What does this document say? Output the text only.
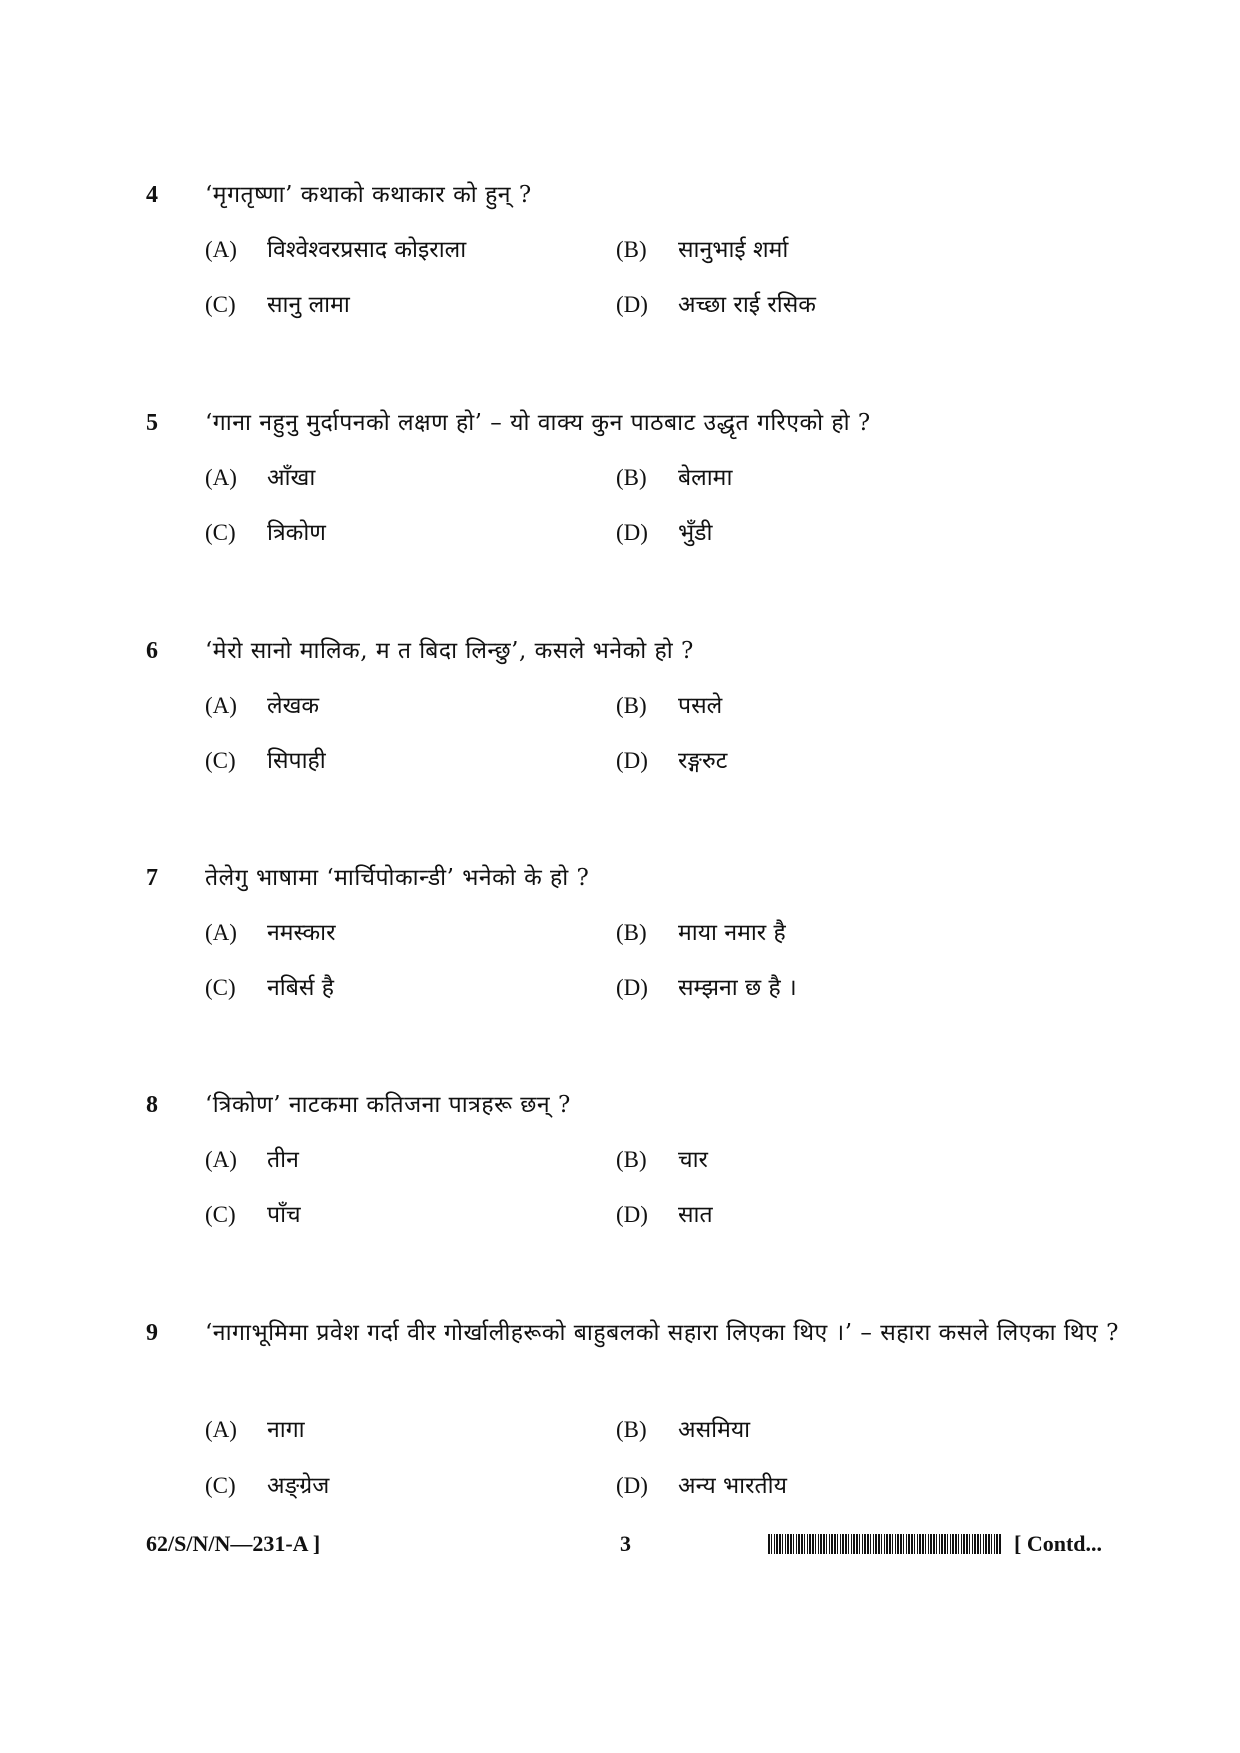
4 ‘मृगतृष्णा’ कथाको कथाकार को हुन् ?
(A) विश्वेश्वरप्रसाद कोइराला	(B) सानुभाई शर्मा
(C) सानु लामा	(D) अच्छा राई रसिक
5 ‘गाना नहुनु मुर्दापनको लक्षण हो’ – यो वाक्य कुन पाठबाट उद्धृत गरिएको हो ?
(A) आँखा	(B) बेलामा
(C) त्रिकोण	(D) भुँडी
6 ‘मेरो सानो मालिक, म त बिदा लिन्छु’, कसले भनेको हो ?
(A) लेखक	(B) पसले
(C) सिपाही	(D) रङ्गरुट
7 तेलेगु भाषामा ‘मार्चिपोकान्डी’ भनेको के हो ?
(A) नमस्कार	(B) माया नमार है
(C) नबिर्स है	(D) सम्झना छ है ।
8 ‘त्रिकोण’ नाटकमा कतिजना पात्रहरू छन् ?
(A) तीन	(B) चार
(C) पाँच	(D) सात
9 ‘नागाभूमिमा प्रवेश गर्दा वीर गोर्खालीहरूको बाहुबलको सहारा लिएका थिए ।’ – सहारा कसले लिएका थिए ?
(A) नागा	(B) असमिया
(C) अङ्ग्रेज	(D) अन्य भारतीय
62/S/N/N—231-A ]	3	[ Contd...
